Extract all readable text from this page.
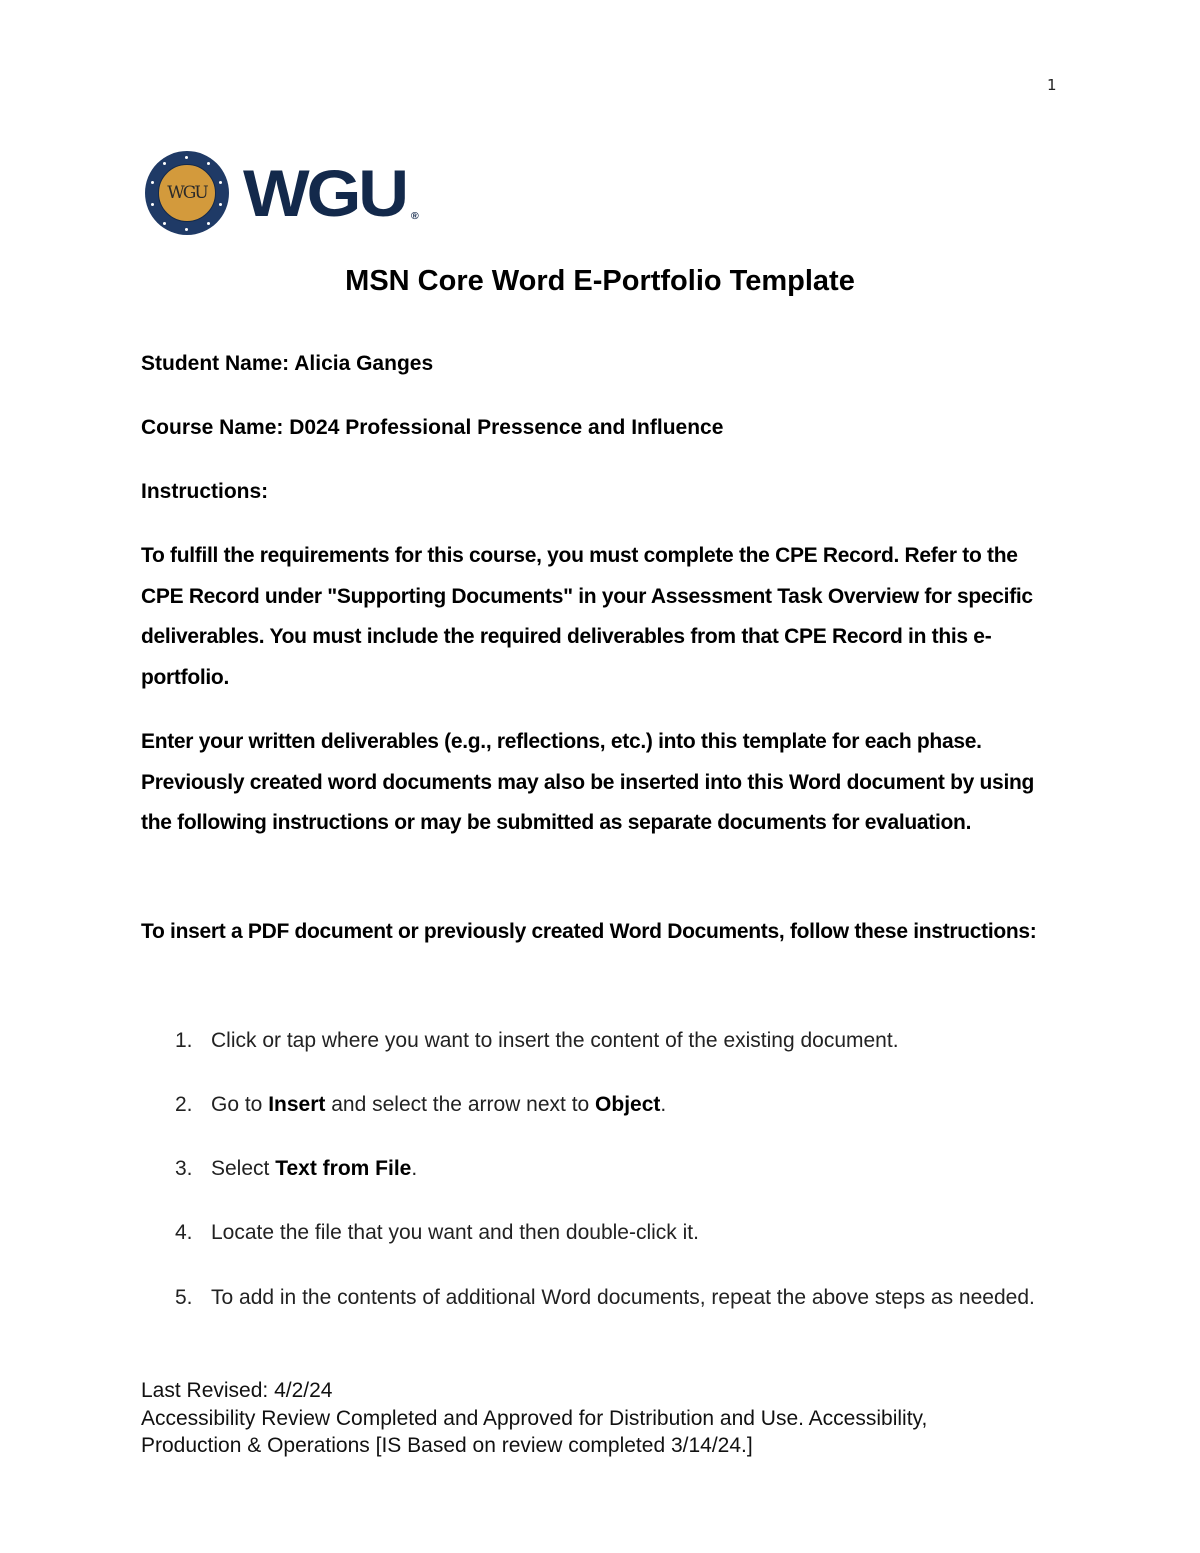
1
WGU WGU ®
MSN Core Word E-Portfolio Template
Student Name: Alicia Ganges
Course Name: D024 Professional Pressence and Influence
Instructions:
To fulfill the requirements for this course, you must complete the CPE Record. Refer to the CPE Record under "Supporting Documents" in your Assessment Task Overview for specific deliverables. You must include the required deliverables from that CPE Record in this e-portfolio.
Enter your written deliverables (e.g., reflections, etc.) into this template for each phase. Previously created word documents may also be inserted into this Word document by using the following instructions or may be submitted as separate documents for evaluation.
To insert a PDF document or previously created Word Documents, follow these instructions:
1. Click or tap where you want to insert the content of the existing document.
2. Go to Insert and select the arrow next to Object.
3. Select Text from File.
4. Locate the file that you want and then double-click it.
5. To add in the contents of additional Word documents, repeat the above steps as needed.
Last Revised: 4/2/24
Accessibility Review Completed and Approved for Distribution and Use. Accessibility,
Production & Operations [IS Based on review completed 3/14/24.]
